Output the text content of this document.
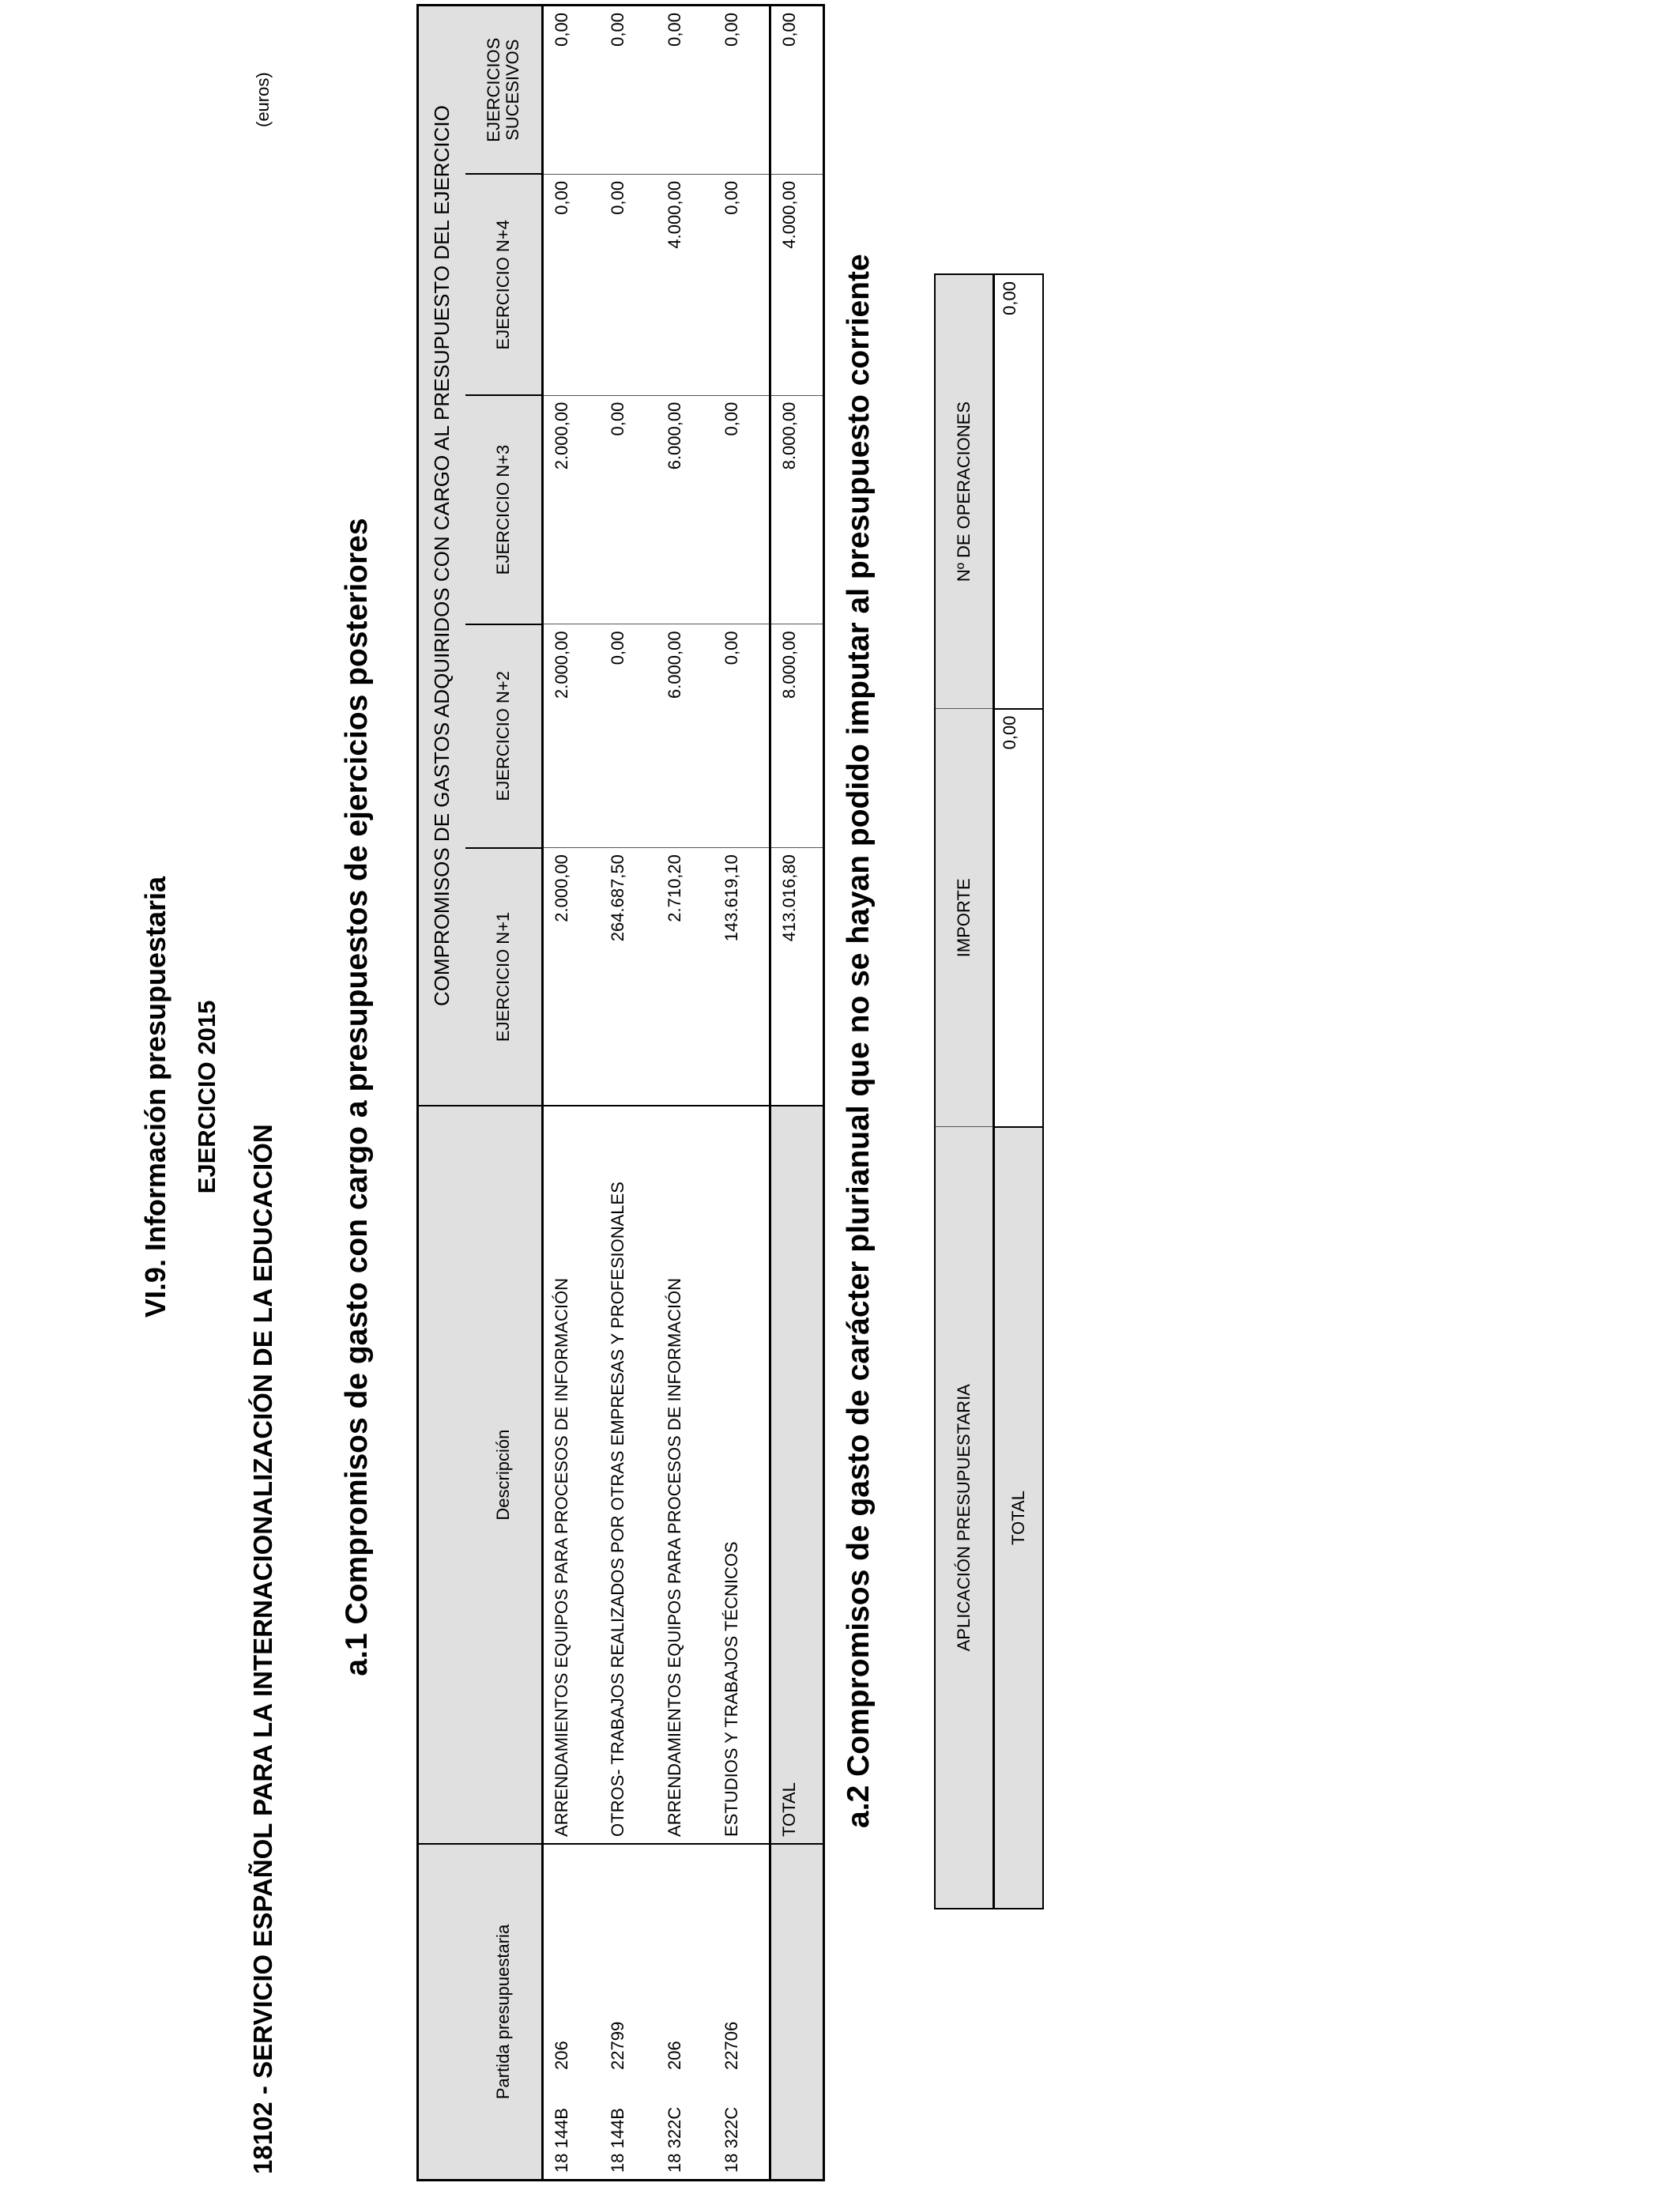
VI.9. Información presupuestaria EJERCICIO 2015
18102 - SERVICIO ESPAÑOL PARA LA INTERNACIONALIZACIÓN DE LA EDUCACIÓN
(euros)
a.1 Compromisos de gasto con cargo a presupuestos de ejercicios posteriores
			COMPROMISOS DE GASTOS ADQUIRIDOS CON CARGO AL PRESUPUESTO DEL EJERCICIO				
Partida presupuestaria	Descripción	EJERCICIO N+1	EJERCICIO N+2	EJERCICIO N+3	EJERCICIO N+4	EJERCICIOS SUCESIVOS

18 144B206	ARRENDAMIENTOS EQUIPOS PARA PROCESOS DE INFORMACIÓN	2.000,00	2.000,00	2.000,00	0,00	0,00
18 144B22799	OTROS- TRABAJOS REALIZADOS POR OTRAS EMPRESAS Y PROFESIONALES	264.687,50	0,00	0,00	0,00	0,00
18 322C206	ARRENDAMIENTOS EQUIPOS PARA PROCESOS DE INFORMACIÓN	2.710,20	6.000,00	6.000,00	4.000,00	0,00
18 322C22706	ESTUDIOS Y TRABAJOS TÉCNICOS	143.619,10	0,00	0,00	0,00	0,00
	TOTAL	413.016,80	8.000,00	8.000,00	4.000,00	0,00
a.2 Compromisos de gasto de carácter plurianual que no se hayan podido imputar al presupuesto corriente	APLICACIÓN PRESUPUESTARIA	IMPORTE	Nº DE OPERACIONES
TOTAL	0,00	0,00
